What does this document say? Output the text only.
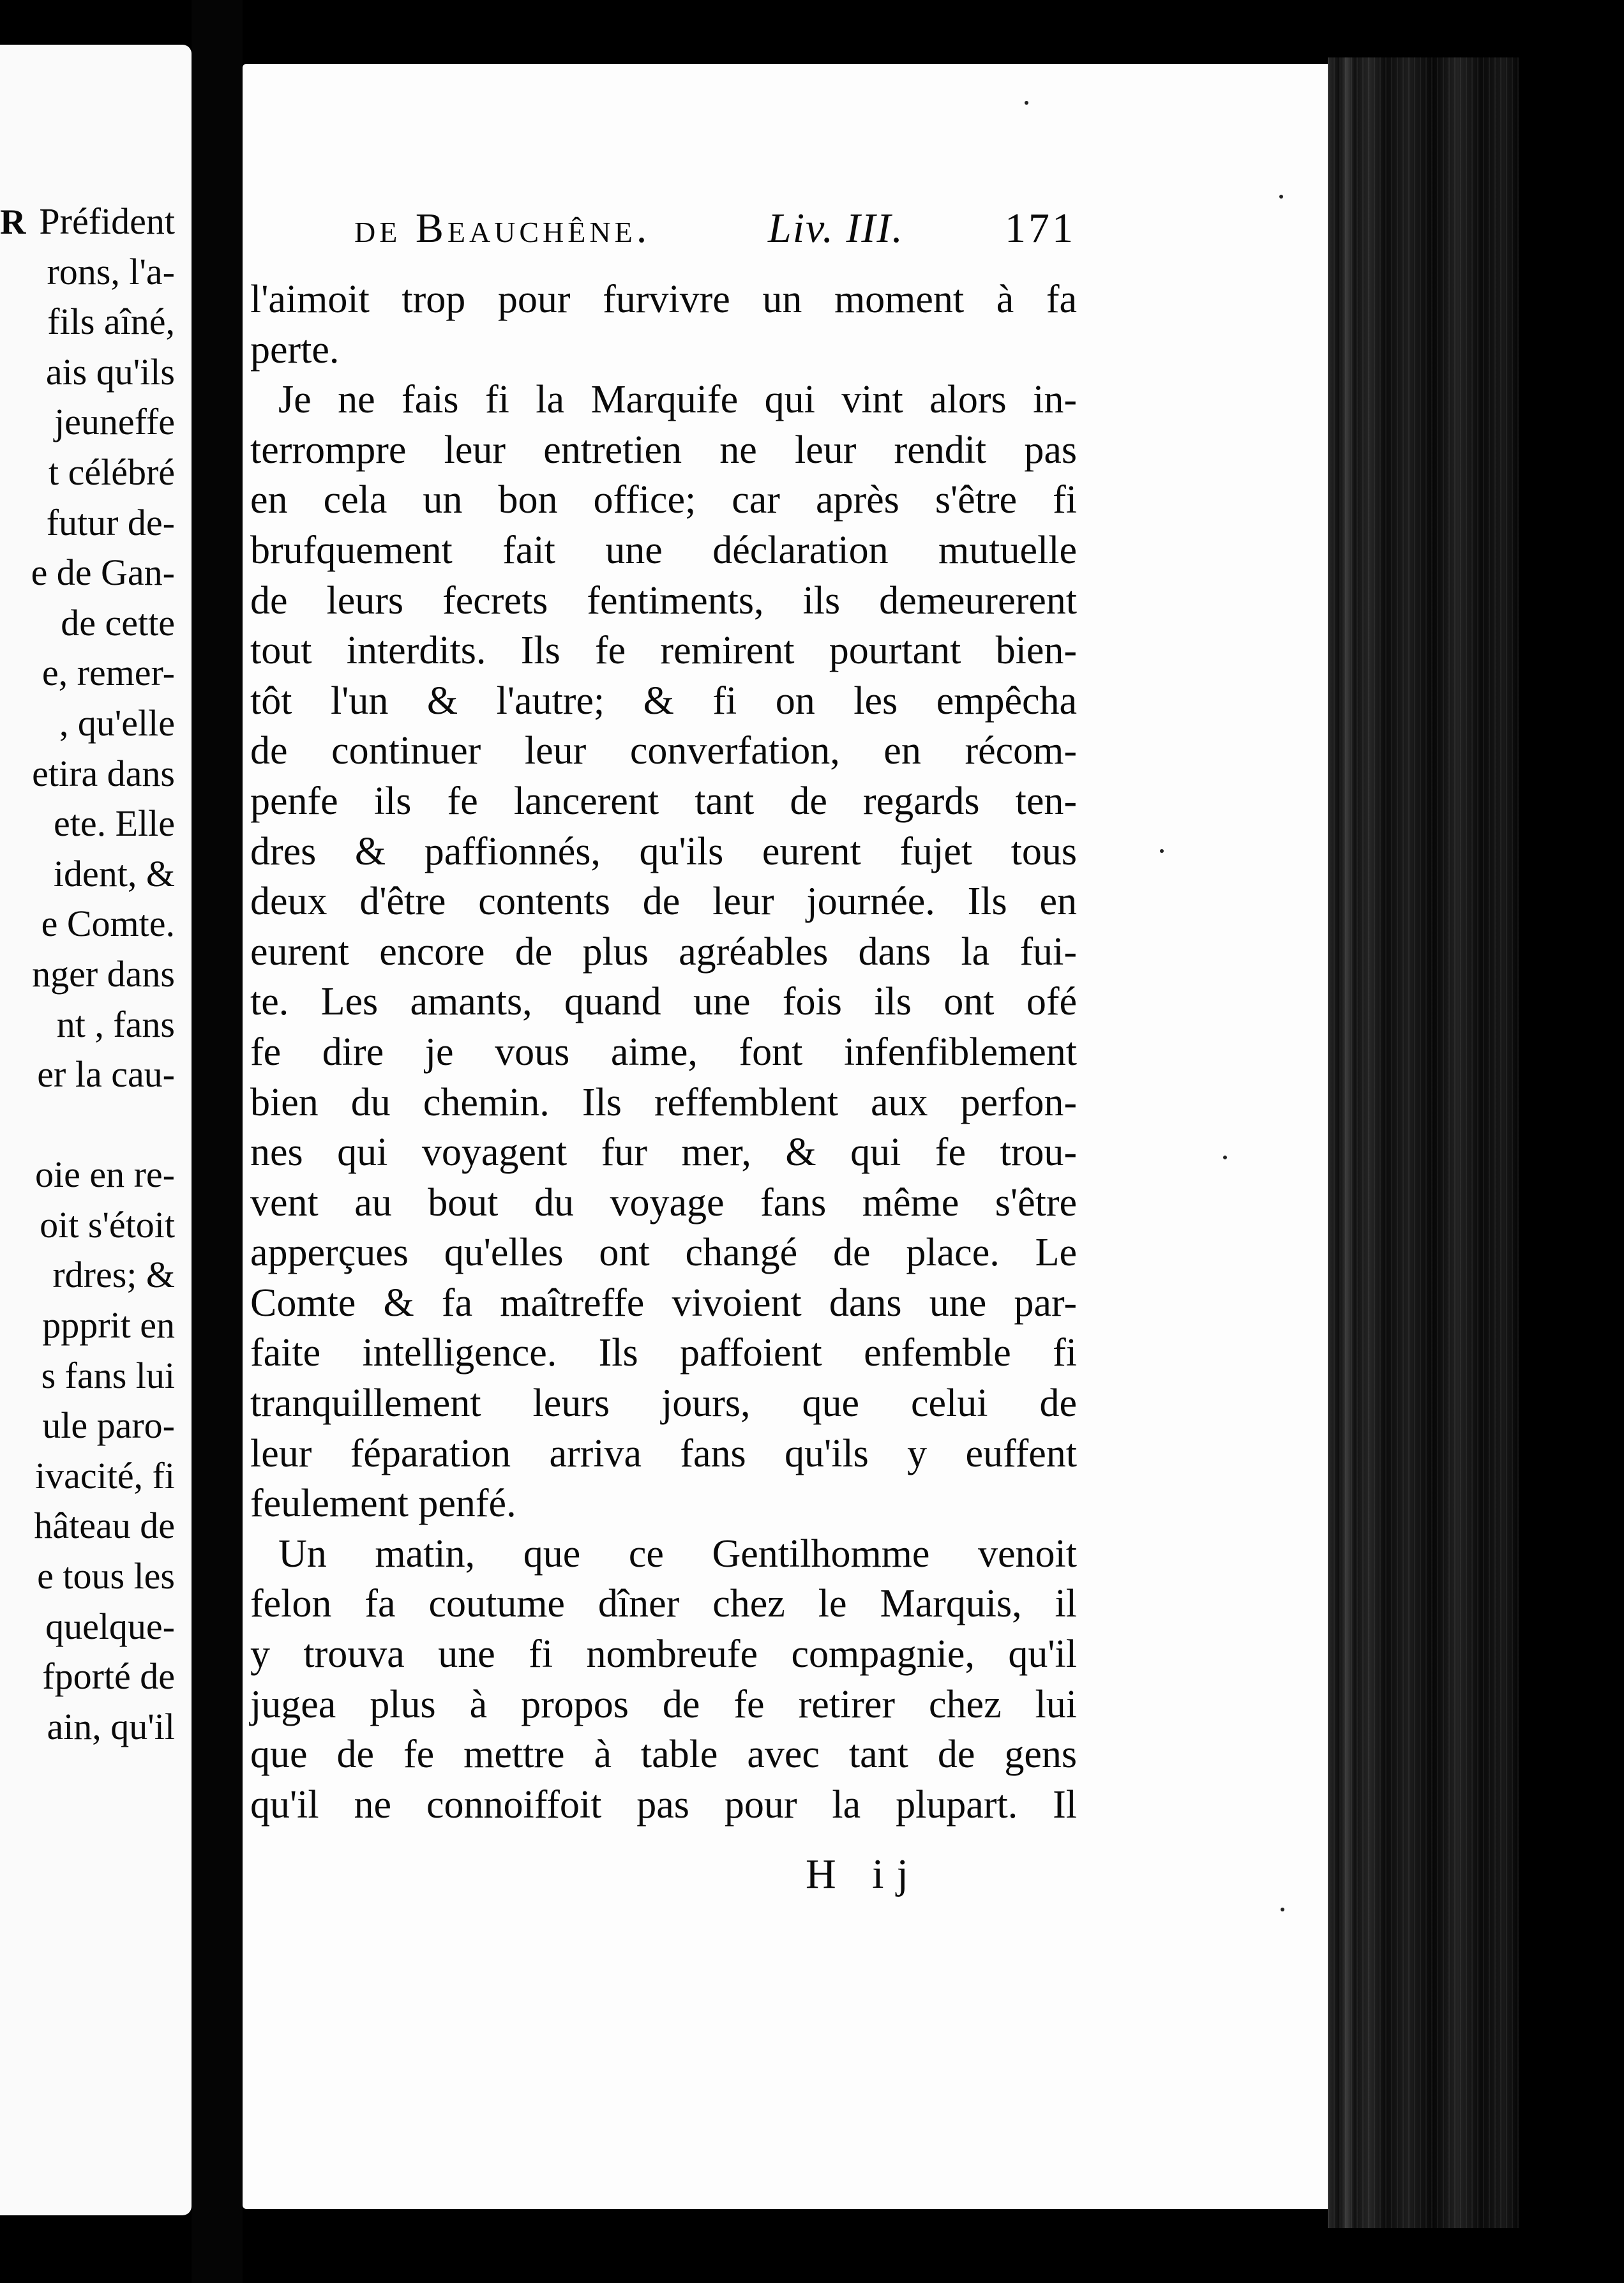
R Préfident
rons, l'a-
fils aîné,
ais qu'ils
jeuneffe
t célébré
futur de-
e de Gan-
de cette
e, remer-
, qu'elle
etira dans
ete. Elle
ident, &
e Comte.
nger dans
nt , fans
er la cau-
oie en re-
oit s'étoit
rdres; &
ppprit en
s fans lui
ule paro-
ivacité, fi
hâteau de
e tous les
quelque-
fporté de
ain, qu'il
de Beauchêne.	Liv. III. 171
l'aimoit trop pour furvivre un moment à fa
perte.
Je ne fais fi la Marquife qui vint alors in-
terrompre leur entretien ne leur rendit pas
en cela un bon office; car après s'être fi
brufquement fait une déclaration mutuelle
de leurs fecrets fentiments, ils demeurerent
tout interdits. Ils fe remirent pourtant bien-
tôt l'un & l'autre; & fi on les empêcha
de continuer leur converfation, en récom-
penfe ils fe lancerent tant de regards ten-
dres & paffionnés, qu'ils eurent fujet tous
deux d'être contents de leur journée. Ils en
eurent encore de plus agréables dans la fui-
te. Les amants, quand une fois ils ont ofé
fe dire je vous aime, font infenfiblement
bien du chemin. Ils reffemblent aux perfon-
nes qui voyagent fur mer, & qui fe trou-
vent au bout du voyage fans même s'être
apperçues qu'elles ont changé de place. Le
Comte & fa maîtreffe vivoient dans une par-
faite intelligence. Ils paffoient enfemble fi
tranquillement leurs jours, que celui de
leur féparation arriva fans qu'ils y euffent
feulement penfé.
Un matin, que ce Gentilhomme venoit
felon fa coutume dîner chez le Marquis, il
y trouva une fi nombreufe compagnie, qu'il
jugea plus à propos de fe retirer chez lui
que de fe mettre à table avec tant de gens
qu'il ne connoiffoit pas pour la plupart. Il
H ij
